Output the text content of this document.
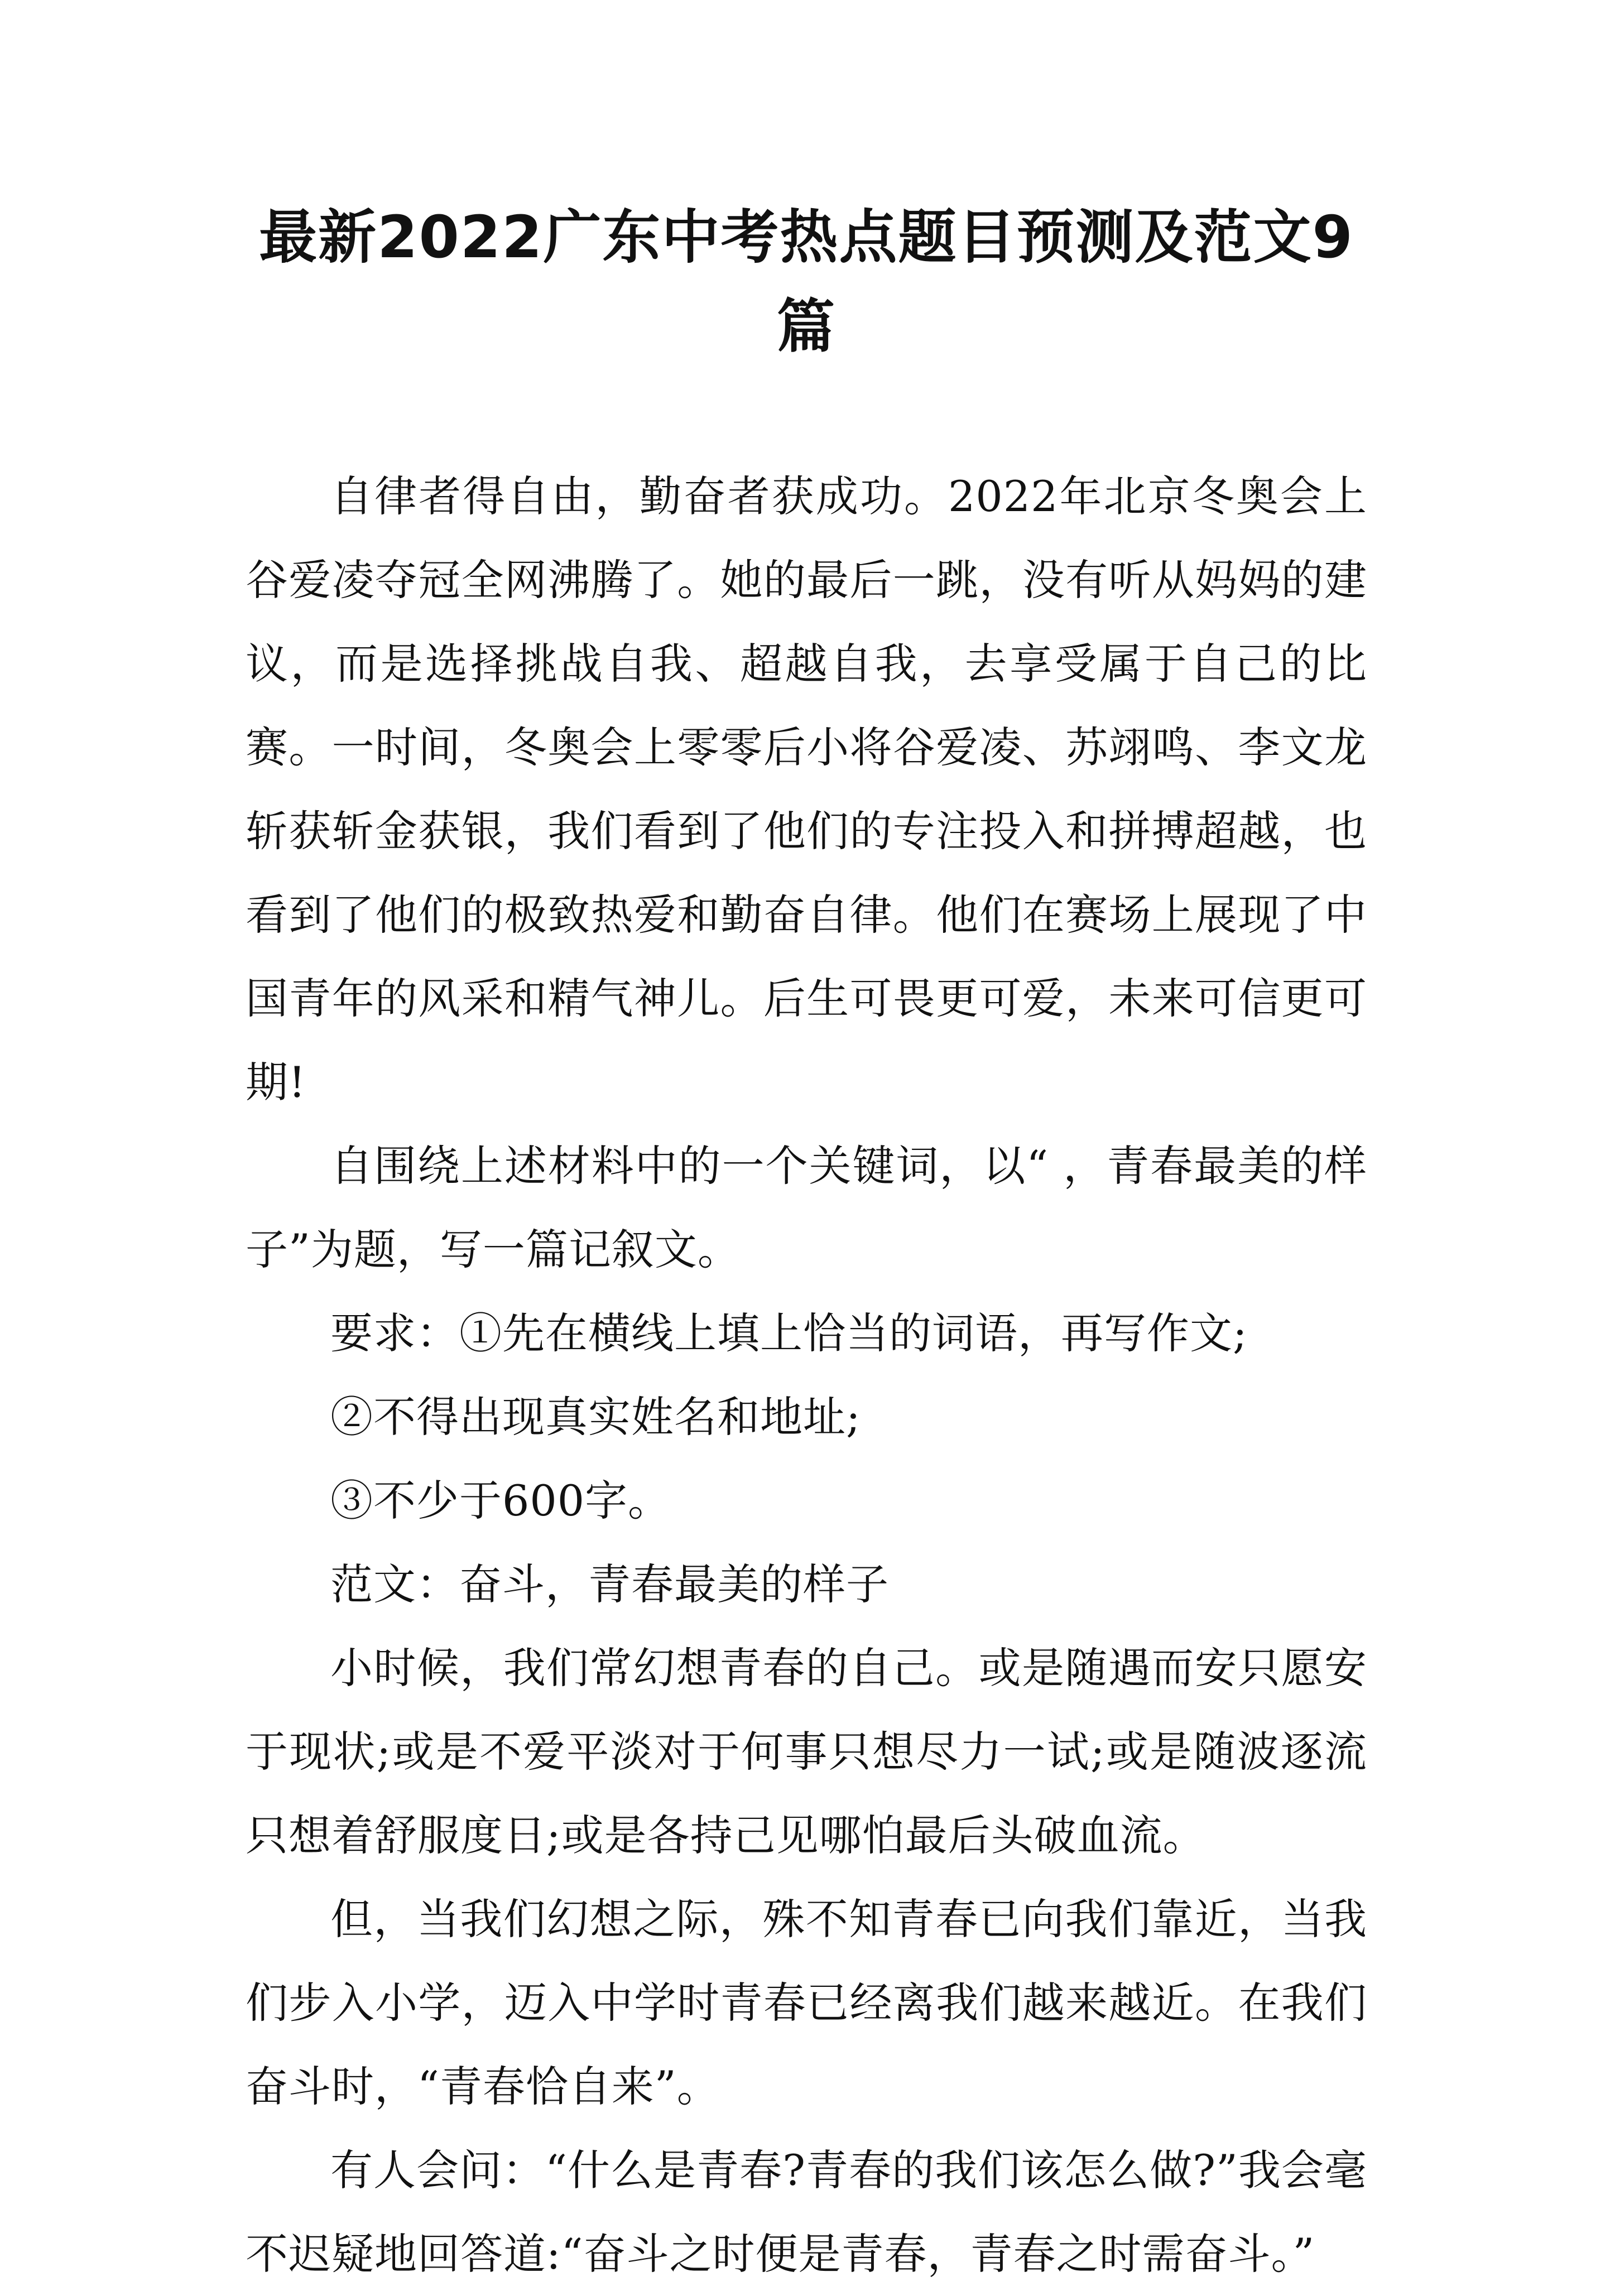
最新2022广东中考热点题目预测及范文9篇

自律者得自由，勤奋者获成功。2022年北京冬奥会上谷爱凌夺冠全网沸腾了。她的最后一跳，没有听从妈妈的建议，而是选择挑战自我、超越自我，去享受属于自己的比赛。一时间，冬奥会上零零后小将谷爱凌、苏翊鸣、李文龙斩获斩金获银，我们看到了他们的专注投入和拼搏超越，也看到了他们的极致热爱和勤奋自律。他们在赛场上展现了中国青年的风采和精气神儿。后生可畏更可爱，未来可信更可期!

自围绕上述材料中的一个关键词，以“ ，青春最美的样子”为题，写一篇记叙文。

要求：①先在横线上填上恰当的词语，再写作文;

②不得出现真实姓名和地址;

③不少于600字。

范文：奋斗，青春最美的样子

小时候，我们常幻想青春的自己。或是随遇而安只愿安于现状;或是不爱平淡对于何事只想尽力一试;或是随波逐流只想着舒服度日;或是各持己见哪怕最后头破血流。

但，当我们幻想之际，殊不知青春已向我们靠近，当我们步入小学，迈入中学时青春已经离我们越来越近。在我们奋斗时，“青春恰自来”。

有人会问：“什么是青春?青春的我们该怎么做?”我会毫不迟疑地回答道:“奋斗之时便是青春，青春之时需奋斗。”
